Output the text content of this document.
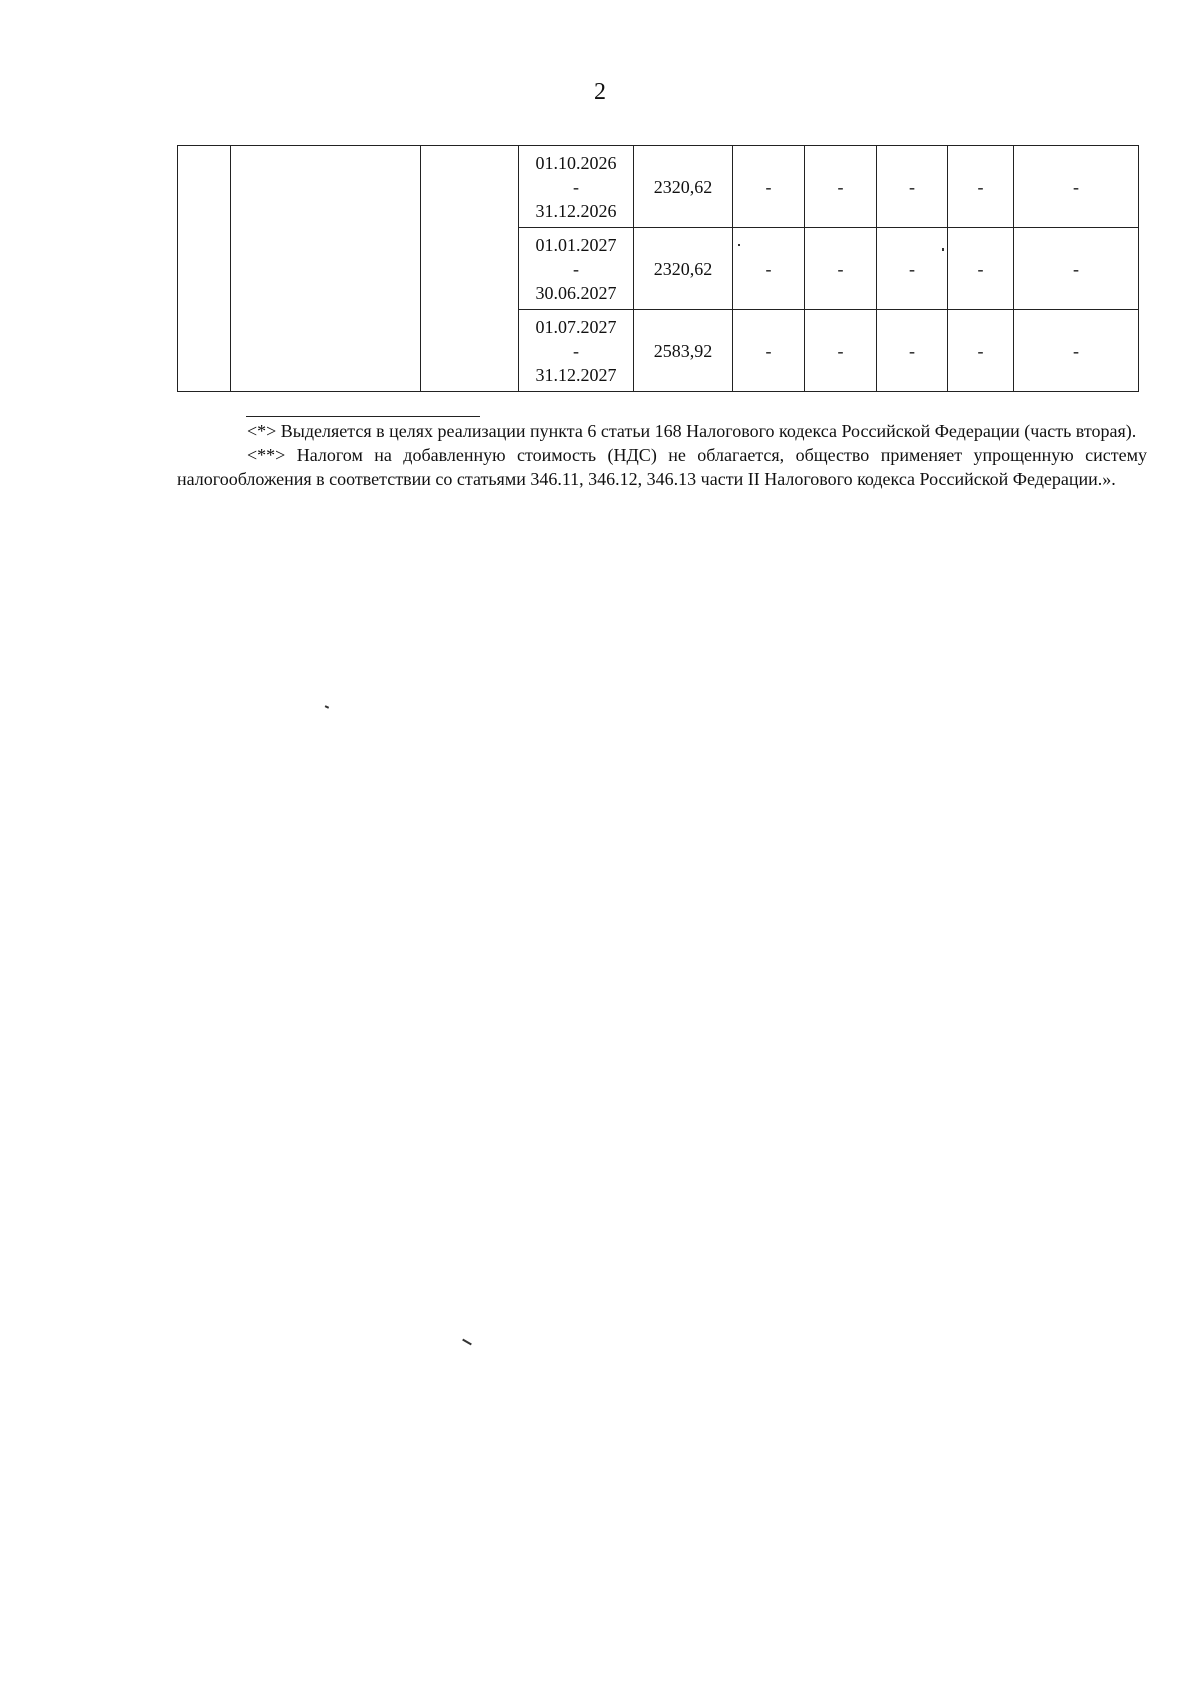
2

			01.10.2026
-
31.12.2026	2320,62	-	-	-	-	-

			01.01.2027
-
30.06.2027	2320,62	-	-	-	-	-

			01.07.2027
-
31.12.2027	2583,92	-	-	-	-	-

<*> Выделяется в целях реализации пункта 6 статьи 168 Налогового кодекса Российской Федерации (часть вторая).

<**> Налогом на добавленную стоимость (НДС) не облагается, общество применяет упрощенную систему налогообложения в соответствии со статьями 346.11, 346.12, 346.13 части II Налогового кодекса Российской Федерации.».
